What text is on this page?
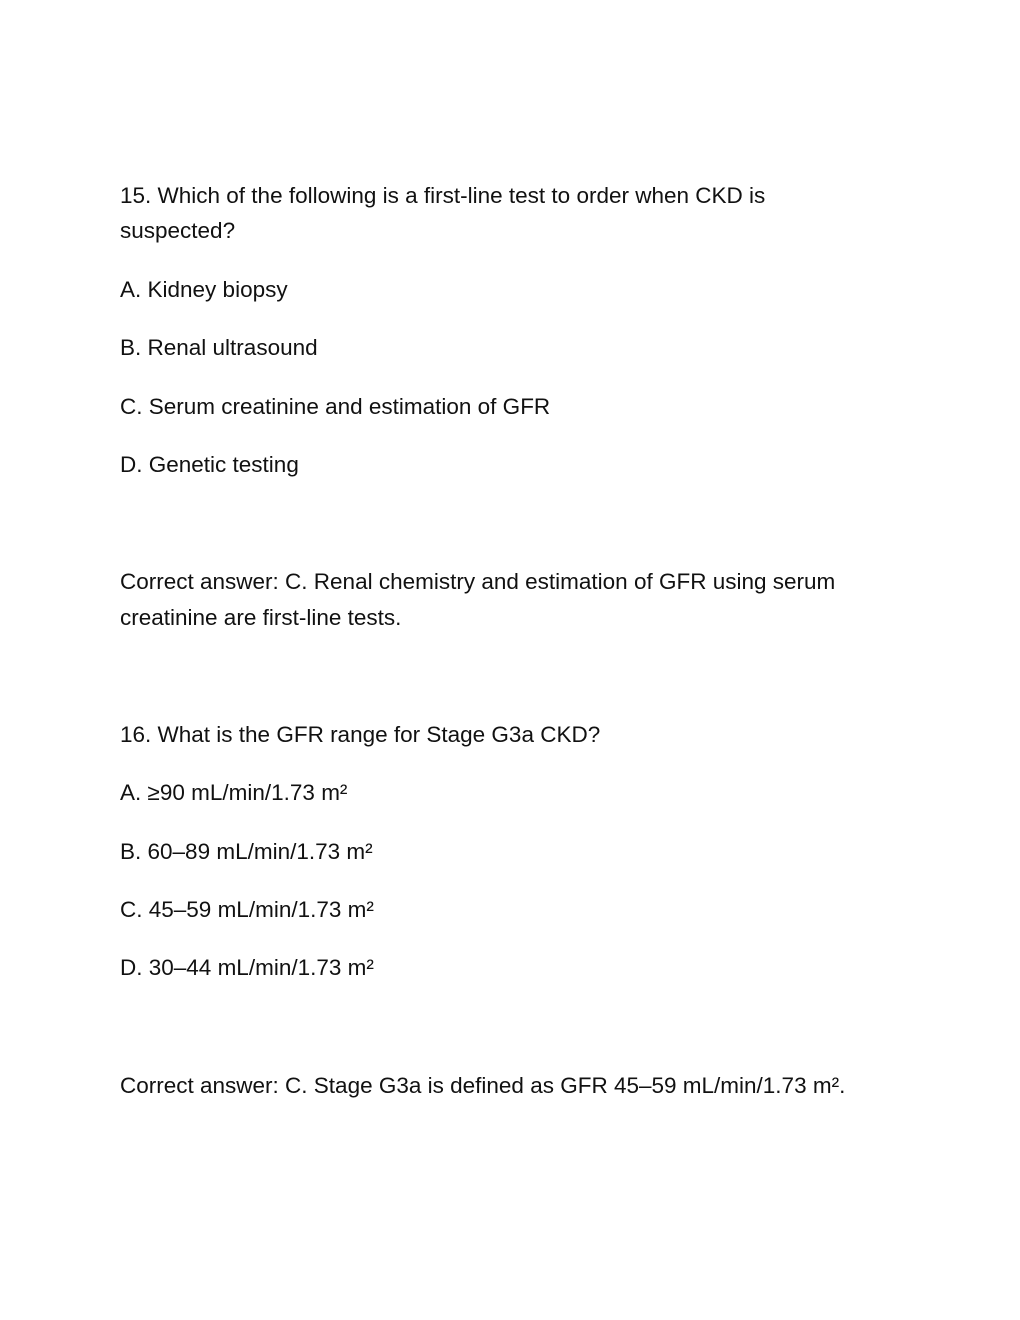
15. Which of the following is a first-line test to order when CKD is
suspected?
A. Kidney biopsy
B. Renal ultrasound
C. Serum creatinine and estimation of GFR
D. Genetic testing
Correct answer: C. Renal chemistry and estimation of GFR using serum
creatinine are first-line tests.
16. What is the GFR range for Stage G3a CKD?
A. ≥90 mL/min/1.73 m²
B. 60–89 mL/min/1.73 m²
C. 45–59 mL/min/1.73 m²
D. 30–44 mL/min/1.73 m²
Correct answer: C. Stage G3a is defined as GFR 45–59 mL/min/1.73 m².
